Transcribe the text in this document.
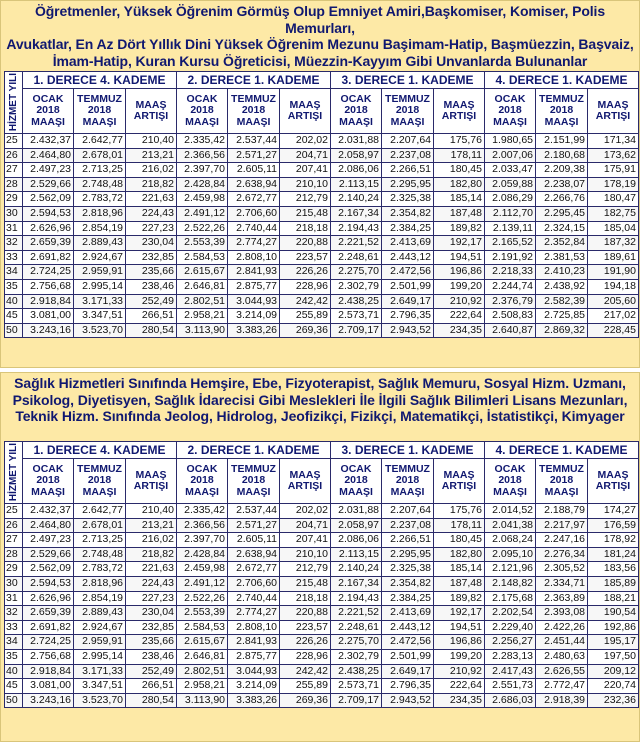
Öğretmenler, Yüksek Öğrenim Görmüş Olup Emniyet Amiri,Başkomiser, Komiser, Polis Memurları,
Avukatlar, En Az Dört Yıllık Dini Yüksek Öğrenim Mezunu Başimam-Hatip, Başmüezzin, Başvaiz,
İmam-Hatip, Kuran Kursu Öğreticisi, Müezzin-Kayyım Gibi Unvanlarda Bulunanlar
HİZMET YILI	1. DERECE 4. KADEME			2. DERECE 1. KADEME			3. DERECE 1. KADEME			4. DERECE 1. KADEME		
	OCAK 2018 MAAŞI	TEMMUZ 2018 MAAŞI	MAAŞ ARTIŞI	OCAK 2018 MAAŞI	TEMMUZ 2018 MAAŞI	MAAŞ ARTIŞI	OCAK 2018 MAAŞI	TEMMUZ 2018 MAAŞI	MAAŞ ARTIŞI	OCAK 2018 MAAŞI	TEMMUZ 2018 MAAŞI	MAAŞ ARTIŞI
25	2.432,37	2.642,77	210,40	2.335,42	2.537,44	202,02	2.031,88	2.207,64	175,76	1.980,65	2.151,99	171,34
26	2.464,80	2.678,01	213,21	2.366,56	2.571,27	204,71	2.058,97	2.237,08	178,11	2.007,06	2.180,68	173,62
27	2.497,23	2.713,25	216,02	2.397,70	2.605,11	207,41	2.086,06	2.266,51	180,45	2.033,47	2.209,38	175,91
28	2.529,66	2.748,48	218,82	2.428,84	2.638,94	210,10	2.113,15	2.295,95	182,80	2.059,88	2.238,07	178,19
29	2.562,09	2.783,72	221,63	2.459,98	2.672,77	212,79	2.140,24	2.325,38	185,14	2.086,29	2.266,76	180,47
30	2.594,53	2.818,96	224,43	2.491,12	2.706,60	215,48	2.167,34	2.354,82	187,48	2.112,70	2.295,45	182,75
31	2.626,96	2.854,19	227,23	2.522,26	2.740,44	218,18	2.194,43	2.384,25	189,82	2.139,11	2.324,15	185,04
32	2.659,39	2.889,43	230,04	2.553,39	2.774,27	220,88	2.221,52	2.413,69	192,17	2.165,52	2.352,84	187,32
33	2.691,82	2.924,67	232,85	2.584,53	2.808,10	223,57	2.248,61	2.443,12	194,51	2.191,92	2.381,53	189,61
34	2.724,25	2.959,91	235,66	2.615,67	2.841,93	226,26	2.275,70	2.472,56	196,86	2.218,33	2.410,23	191,90
35	2.756,68	2.995,14	238,46	2.646,81	2.875,77	228,96	2.302,79	2.501,99	199,20	2.244,74	2.438,92	194,18
40	2.918,84	3.171,33	252,49	2.802,51	3.044,93	242,42	2.438,25	2.649,17	210,92	2.376,79	2.582,39	205,60
45	3.081,00	3.347,51	266,51	2.958,21	3.214,09	255,89	2.573,71	2.796,35	222,64	2.508,83	2.725,85	217,02
50	3.243,16	3.523,70	280,54	3.113,90	3.383,26	269,36	2.709,17	2.943,52	234,35	2.640,87	2.869,32	228,45
Sağlık Hizmetleri Sınıfında Hemşire, Ebe, Fizyoterapist, Sağlık Memuru, Sosyal Hizm. Uzmanı,
Psikolog, Diyetisyen, Sağlık İdarecisi Gibi Meslekleri İle İlgili Sağlık Bilimleri Lisans Mezunları,
Teknik Hizm. Sınıfında Jeolog, Hidrolog, Jeofizikçi, Fizikçi, Matematikçi, İstatistikçi, Kimyager
HİZMET YILI	1. DERECE 4. KADEME			2. DERECE 1. KADEME			3. DERECE 1. KADEME			4. DERECE 1. KADEME		
	OCAK 2018 MAAŞI	TEMMUZ 2018 MAAŞI	MAAŞ ARTIŞI	OCAK 2018 MAAŞI	TEMMUZ 2018 MAAŞI	MAAŞ ARTIŞI	OCAK 2018 MAAŞI	TEMMUZ 2018 MAAŞI	MAAŞ ARTIŞI	OCAK 2018 MAAŞI	TEMMUZ 2018 MAAŞI	MAAŞ ARTIŞI
25	2.432,37	2.642,77	210,40	2.335,42	2.537,44	202,02	2.031,88	2.207,64	175,76	2.014,52	2.188,79	174,27
26	2.464,80	2.678,01	213,21	2.366,56	2.571,27	204,71	2.058,97	2.237,08	178,11	2.041,38	2.217,97	176,59
27	2.497,23	2.713,25	216,02	2.397,70	2.605,11	207,41	2.086,06	2.266,51	180,45	2.068,24	2.247,16	178,92
28	2.529,66	2.748,48	218,82	2.428,84	2.638,94	210,10	2.113,15	2.295,95	182,80	2.095,10	2.276,34	181,24
29	2.562,09	2.783,72	221,63	2.459,98	2.672,77	212,79	2.140,24	2.325,38	185,14	2.121,96	2.305,52	183,56
30	2.594,53	2.818,96	224,43	2.491,12	2.706,60	215,48	2.167,34	2.354,82	187,48	2.148,82	2.334,71	185,89
31	2.626,96	2.854,19	227,23	2.522,26	2.740,44	218,18	2.194,43	2.384,25	189,82	2.175,68	2.363,89	188,21
32	2.659,39	2.889,43	230,04	2.553,39	2.774,27	220,88	2.221,52	2.413,69	192,17	2.202,54	2.393,08	190,54
33	2.691,82	2.924,67	232,85	2.584,53	2.808,10	223,57	2.248,61	2.443,12	194,51	2.229,40	2.422,26	192,86
34	2.724,25	2.959,91	235,66	2.615,67	2.841,93	226,26	2.275,70	2.472,56	196,86	2.256,27	2.451,44	195,17
35	2.756,68	2.995,14	238,46	2.646,81	2.875,77	228,96	2.302,79	2.501,99	199,20	2.283,13	2.480,63	197,50
40	2.918,84	3.171,33	252,49	2.802,51	3.044,93	242,42	2.438,25	2.649,17	210,92	2.417,43	2.626,55	209,12
45	3.081,00	3.347,51	266,51	2.958,21	3.214,09	255,89	2.573,71	2.796,35	222,64	2.551,73	2.772,47	220,74
50	3.243,16	3.523,70	280,54	3.113,90	3.383,26	269,36	2.709,17	2.943,52	234,35	2.686,03	2.918,39	232,36
